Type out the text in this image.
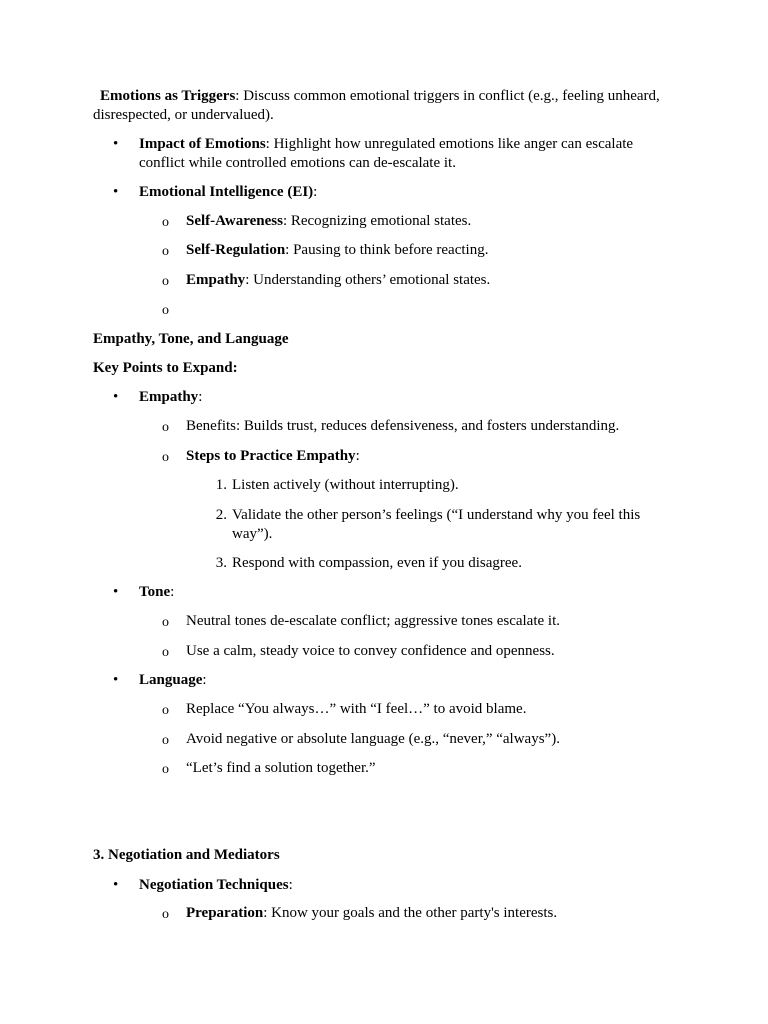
Emotions as Triggers: Discuss common emotional triggers in conflict (e.g., feeling unheard, disrespected, or undervalued).
• Impact of Emotions: Highlight how unregulated emotions like anger can escalate conflict while controlled emotions can de-escalate it.
• Emotional Intelligence (EI):
o Self-Awareness: Recognizing emotional states.
o Self-Regulation: Pausing to think before reacting.
o Empathy: Understanding others’ emotional states.
o
Empathy, Tone, and Language
Key Points to Expand:
• Empathy:
o Benefits: Builds trust, reduces defensiveness, and fosters understanding.
o Steps to Practice Empathy:
1. Listen actively (without interrupting).
2. Validate the other person’s feelings (“I understand why you feel this way”).
3. Respond with compassion, even if you disagree.
• Tone:
o Neutral tones de-escalate conflict; aggressive tones escalate it.
o Use a calm, steady voice to convey confidence and openness.
• Language:
o Replace “You always…” with “I feel…” to avoid blame.
o Avoid negative or absolute language (e.g., “never,” “always”).
o “Let’s find a solution together.”
3. Negotiation and Mediators
• Negotiation Techniques:
o Preparation: Know your goals and the other party's interests.
